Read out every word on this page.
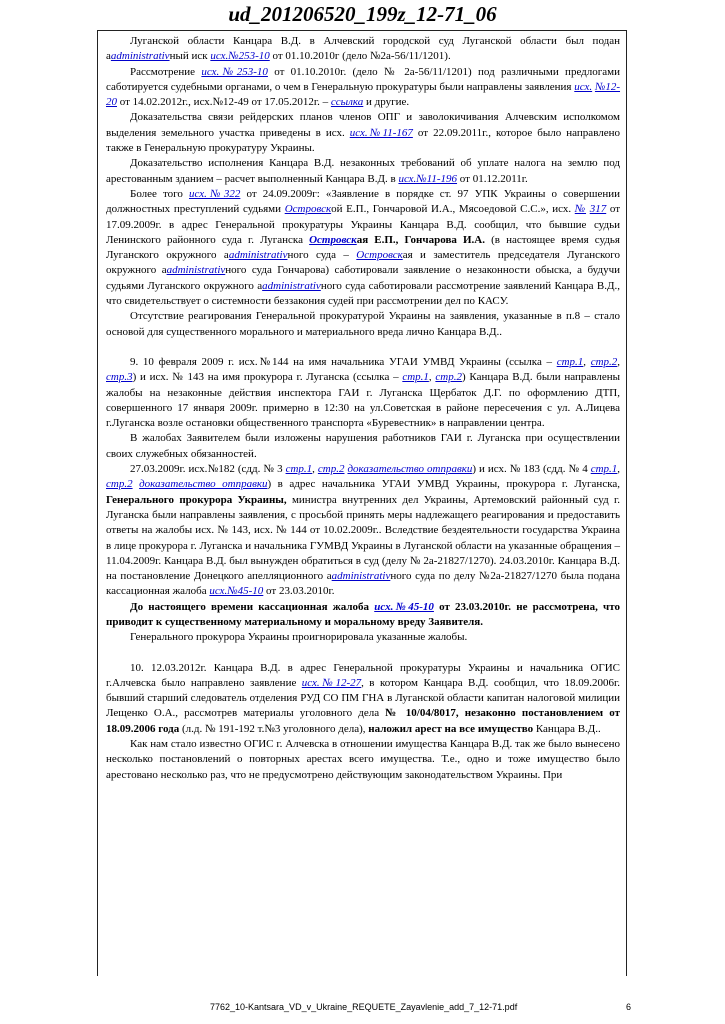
ud_201206520_199z_12-71_06

Луганской области Канцара В.Д. в Алчевский городской суд Луганской области был подан аadministrativный иск исх.№253-10 от 01.10.2010г (дело №2а-56/11/1201).

Рассмотрение исх.№253-10 от 01.10.2010г. (дело № 2а-56/11/1201) под различными предлогами саботируется судебными органами, о чем в Генеральную прокуратуры были направлены заявления исх. №12-20 от 14.02.2012г., исх.№12-49 от 17.05.2012г. – ссылка и другие.

Доказательства связи рейдерских планов членов ОПГ и заволокичивания Алчевским исполкомом выделения земельного участка приведены в исх. исх.№11-167 от 22.09.2011г., которое было направлено также в Генеральную прокуратуру Украины.

Доказательство исполнения Канцара В.Д. незаконных требований об уплате налога на землю под арестованным зданием – расчет выполненный Канцара В.Д. в исх.№11-196 от 01.12.2011г.

Более того исх.№322 от 24.09.2009г: «Заявление в порядке ст. 97 УПК Украины о совершении должностных преступлений судьями Островской Е.П., Гончаровой И.А., Мясоедовой С.С.», исх. № 317 от 17.09.2009г. в адрес Генеральной прокуратуры Украины Канцара В.Д. сообщил, что бывшие судьи Ленинского районного суда г. Луганска Островская Е.П., Гончарова И.А. (в настоящее время судья Луганского окружного аadministrativного суда – Островская и заместитель председателя Луганского окружного аadministrativного суда Гончарова) саботировали заявление о незаконности обыска, а будучи судьями Луганского окружного аadministrativного суда саботировали рассмотрение заявлений Канцара В.Д., что свидетельствует о системности беззакония судей при рассмотрении дел по КАСУ.

Отсутствие реагирования Генеральной прокуратурой Украины на заявления, указанные в п.8 – стало основой для существенного морального и материального вреда лично Канцара В.Д..

9. 10 февраля 2009 г. исх.№144 на имя начальника УГАИ УМВД Украины (ссылка – стр.1, стр.2, стр.3) и исх. № 143 на имя прокурора г. Луганска (ссылка – стр.1, стр.2) Канцара В.Д. были направлены жалобы на незаконные действия инспектора ГАИ г. Луганска Щербаток Д.Г. по оформлению ДТП, совершенного 17 января 2009г. примерно в 12:30 на ул.Советская в районе пересечения с ул. А.Лицева г.Луганска возле остановки общественного транспорта «Буревестник» в направлении центра.

В жалобах Заявителем были изложены нарушения работников ГАИ г. Луганска при осуществлении своих служебных обязанностей.

27.03.2009г. исх.№182 (сдд. № 3 стр.1, стр.2 доказательство отправки) и исх. № 183 (сдд. № 4 стр.1, стр.2 доказательство отправки) в адрес начальника УГАИ УМВД Украины, прокурора г. Луганска, Генерального прокурора Украины, министра внутренних дел Украины, Артемовский районный суд г. Луганска были направлены заявления, с просьбой принять меры надлежащего реагирования и предоставить ответы на жалобы исх. № 143, исх. № 144 от 10.02.2009г.. Вследствие бездеятельности государства Украина в лице прокурора г. Луганска и начальника ГУМВД Украины в Луганской области на указанные обращения – 11.04.2009г. Канцара В.Д. был вынужден обратиться в суд (делу № 2а-21827/1270). 24.03.2010г. Канцара В.Д. на постановление Донецкого апелляционного аadministrativного суда по делу №2а-21827/1270 была подана кассационная жалоба исх.№45-10 от 23.03.2010г.

До настоящего времени кассационная жалоба исх.№45-10 от 23.03.2010г. не рассмотрена, что приводит к существенному материальному и моральному вреду Заявителя.

Генерального прокурора Украины проигнорировала указанные жалобы.

10. 12.03.2012г. Канцара В.Д. в адрес Генеральной прокуратуры Украины и начальника ОГИС г.Алчевска было направлено заявление исх.№12-27, в котором Канцара В.Д. сообщил, что 18.09.2006г. бывший старший следователь отделения РУД СО ПМ ГНА в Луганской области капитан налоговой милиции Лещенко О.А., рассмотрев материалы уголовного дела № 10/04/8017, незаконно постановлением от 18.09.2006 года (л.д. № 191-192 т.№3 уголовного дела), наложил арест на все имущество Канцара В.Д..

Как нам стало известно ОГИС г. Алчевска в отношении имущества Канцара В.Д. так же было вынесено несколько постановлений о повторных арестах всего имущества. Т.е., одно и тоже имущество было арестовано несколько раз, что не предусмотрено действующим законодательством Украины. При

7762_10-Kantsara_VD_v_Ukraine_REQUETE_Zayavlenie_add_7_12-71.pdf	6
